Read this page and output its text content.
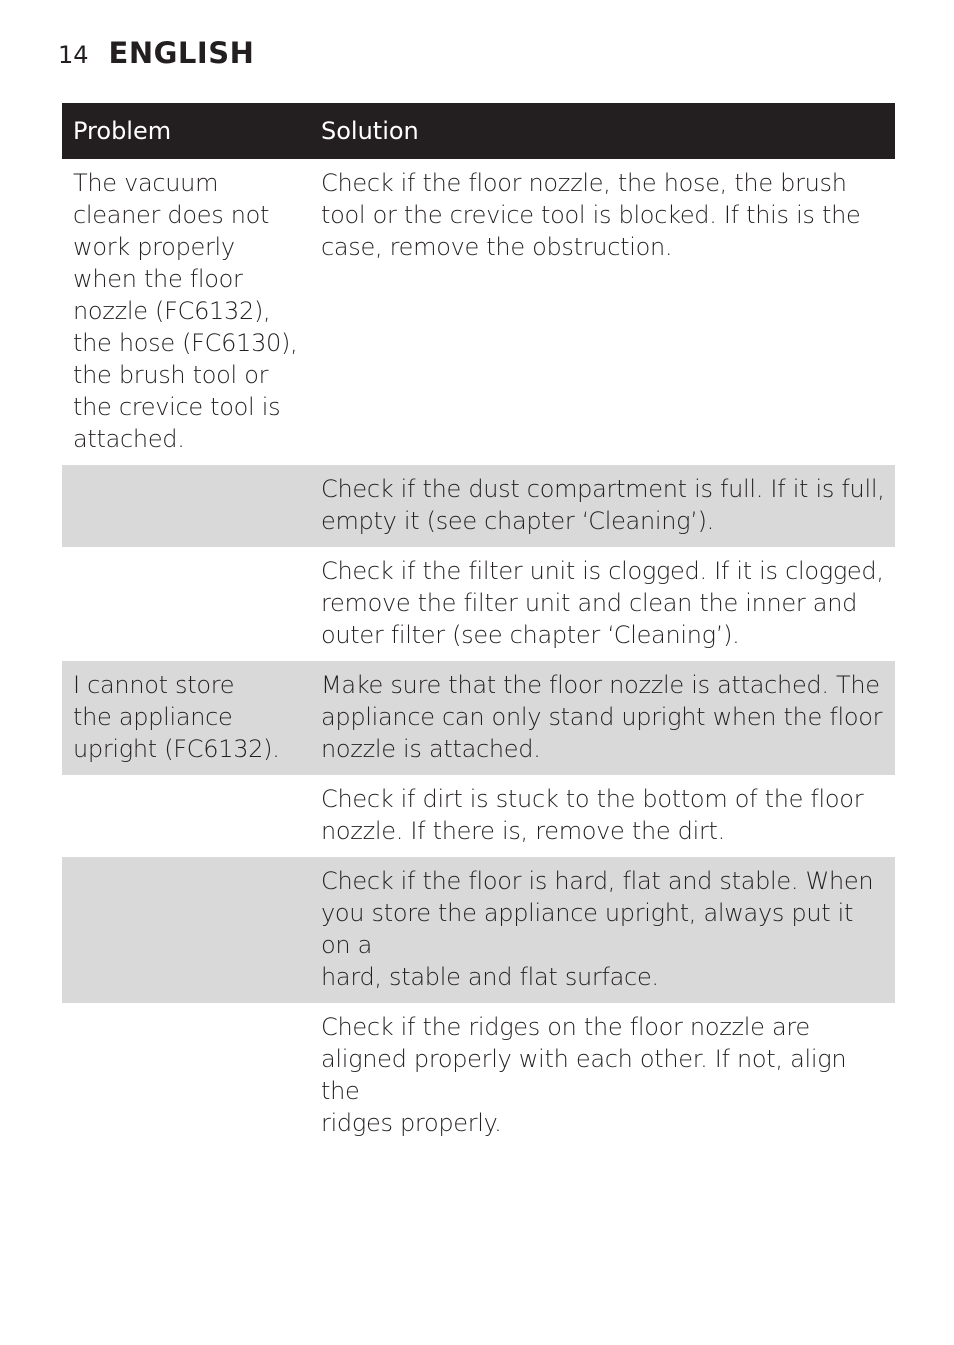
14 ENGLISH
Problem	Solution
The vacuum
cleaner does not
work properly
when the floor
nozzle (FC6132),
the hose (FC6130),
the brush tool or
the crevice tool is
attached.
Check if the floor nozzle, the hose, the brush
tool or the crevice tool is blocked. If this is the
case, remove the obstruction.
Check if the dust compartment is full. If it is full,
empty it (see chapter ‘Cleaning’).
Check if the filter unit is clogged. If it is clogged,
remove the filter unit and clean the inner and
outer filter (see chapter ‘Cleaning’).
I cannot store
the appliance
upright (FC6132).
Make sure that the floor nozzle is attached. The
appliance can only stand upright when the floor
nozzle is attached.
Check if dirt is stuck to the bottom of the floor
nozzle. If there is, remove the dirt.
Check if the floor is hard, flat and stable. When
you store the appliance upright, always put it on a
hard, stable and flat surface.
Check if the ridges on the floor nozzle are
aligned properly with each other. If not, align the
ridges properly.
